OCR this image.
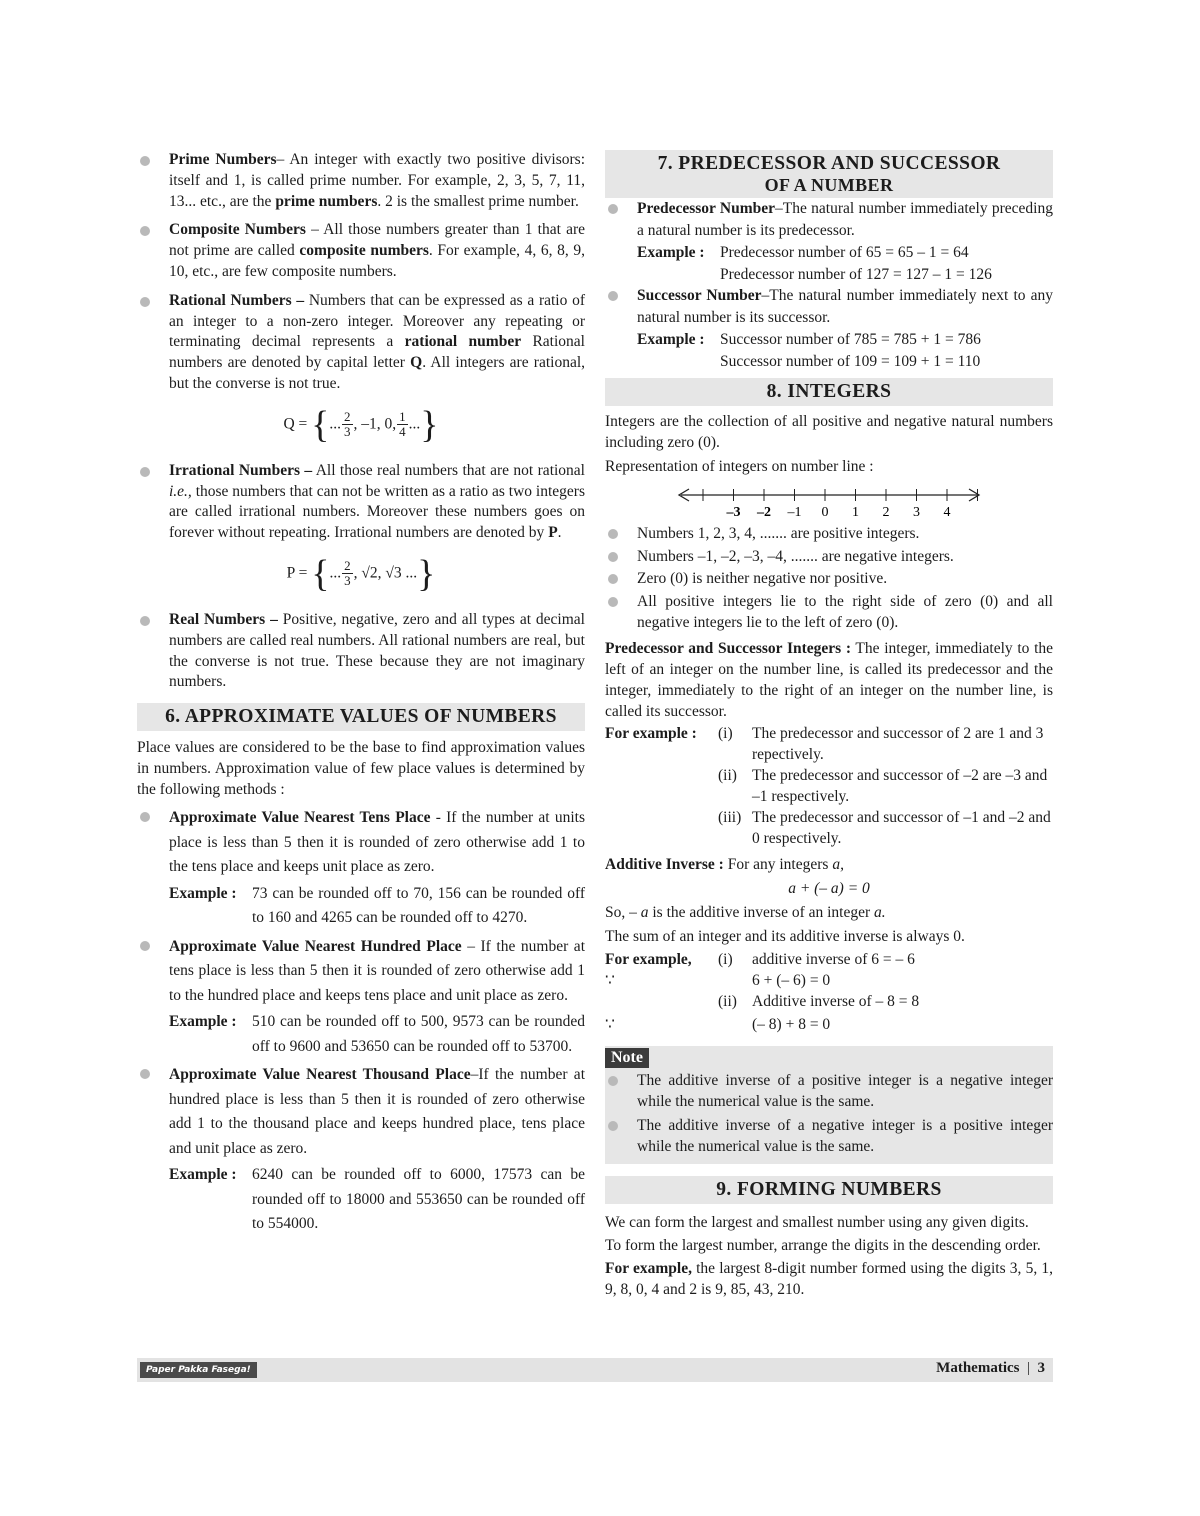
Prime Numbers– An integer with exactly two positive divisors: itself and 1, is called prime number. For example, 2, 3, 5, 7, 11, 13... etc., are the prime numbers. 2 is the smallest prime number.
Composite Numbers – All those numbers greater than 1 that are not prime are called composite numbers. For example, 4, 6, 8, 9, 10, etc., are few composite numbers.
Rational Numbers – Numbers that can be expressed as a ratio of an integer to a non-zero integer. Moreover any repeating or terminating decimal represents a rational number Rational numbers are denoted by capital letter Q. All integers are rational, but the converse is not true.
Q = {... $\frac{2}{3}$ , –1, 0, $\frac{1}{4}$ ...}
Irrational Numbers – All those real numbers that are not rational i.e., those numbers that can not be written as a ratio as two integers are called irrational numbers. Moreover these numbers goes on forever without repeating. Irrational numbers are denoted by P.
P = {... $\frac{2}{3}$ , √2, √3 ...}
Real Numbers – Positive, negative, zero and all types at decimal numbers are called real numbers. All rational numbers are real, but the converse is not true. These because they are not imaginary numbers.
6. APPROXIMATE VALUES OF NUMBERS
Place values are considered to be the base to find approximation values in numbers. Approximation value of few place values is determined by the following methods :
Approximate Value Nearest Tens Place - If the number at units place is less than 5 then it is rounded of zero otherwise add 1 to the tens place and keeps unit place as zero.
Example : 73 can be rounded off to 70, 156 can be rounded off to 160 and 4265 can be rounded off to 4270.
Approximate Value Nearest Hundred Place – If the number at tens place is less than 5 then it is rounded of zero otherwise add 1 to the hundred place and keeps tens place and unit place as zero.
Example : 510 can be rounded off to 500, 9573 can be rounded off to 9600 and 53650 can be rounded off to 53700.
Approximate Value Nearest Thousand Place–If the number at hundred place is less than 5 then it is rounded of zero otherwise add 1 to the thousand place and keeps hundred place, tens place and unit place as zero.
Example : 6240 can be rounded off to 6000, 17573 can be rounded off to 18000 and 553650 can be rounded off to 554000.
7. PREDECESSOR AND SUCCESSOR
OF A NUMBER
Predecessor Number–The natural number immediately preceding a natural number is its predecessor.
Example : Predecessor number of 65 = 65 – 1 = 64
Predecessor number of 127 = 127 – 1 = 126
Successor Number–The natural number immediately next to any natural number is its successor.
Example : Successor number of 785 = 785 + 1 = 786
Successor number of 109 = 109 + 1 = 110
8. INTEGERS
Integers are the collection of all positive and negative natural numbers including zero (0).
Representation of integers on number line :
–3 –2 –1 0 1 2 3 4
Numbers 1, 2, 3, 4, ....... are positive integers.
Numbers –1, –2, –3, –4, ....... are negative integers.
Zero (0) is neither negative nor positive.
All positive integers lie to the right side of zero (0) and all negative integers lie to the left of zero (0).
Predecessor and Successor Integers : The integer, immediately to the left of an integer on the number line, is called its predecessor and the integer, immediately to the right of an integer on the number line, is called its successor.
For example :	(i)	The predecessor and successor of 2 are 1 and 3 repectively.
(ii) The predecessor and successor of –2 are –3 and –1 respectively.
(iii) The predecessor and successor of –1 and –2 and 0 respectively.
Additive Inverse : For any integers a,
a + (– a) = 0
So, – a is the additive inverse of an integer a.
The sum of an integer and its additive inverse is always 0.
For example,	(i)	additive inverse of 6 = – 6
∵	6 + (– 6) = 0
(ii) Additive inverse of – 8 = 8
∵	(– 8) + 8 = 0
Note
The additive inverse of a positive integer is a negative integer while the numerical value is the same.
The additive inverse of a negative integer is a positive integer while the numerical value is the same.
9. FORMING NUMBERS
We can form the largest and smallest number using any given digits.
To form the largest number, arrange the digits in the descending order.
For example, the largest 8-digit number formed using the digits 3, 5, 1, 9, 8, 0, 4 and 2 is 9, 85, 43, 210.
Paper Pakka Fasega!	Mathematics | 3
